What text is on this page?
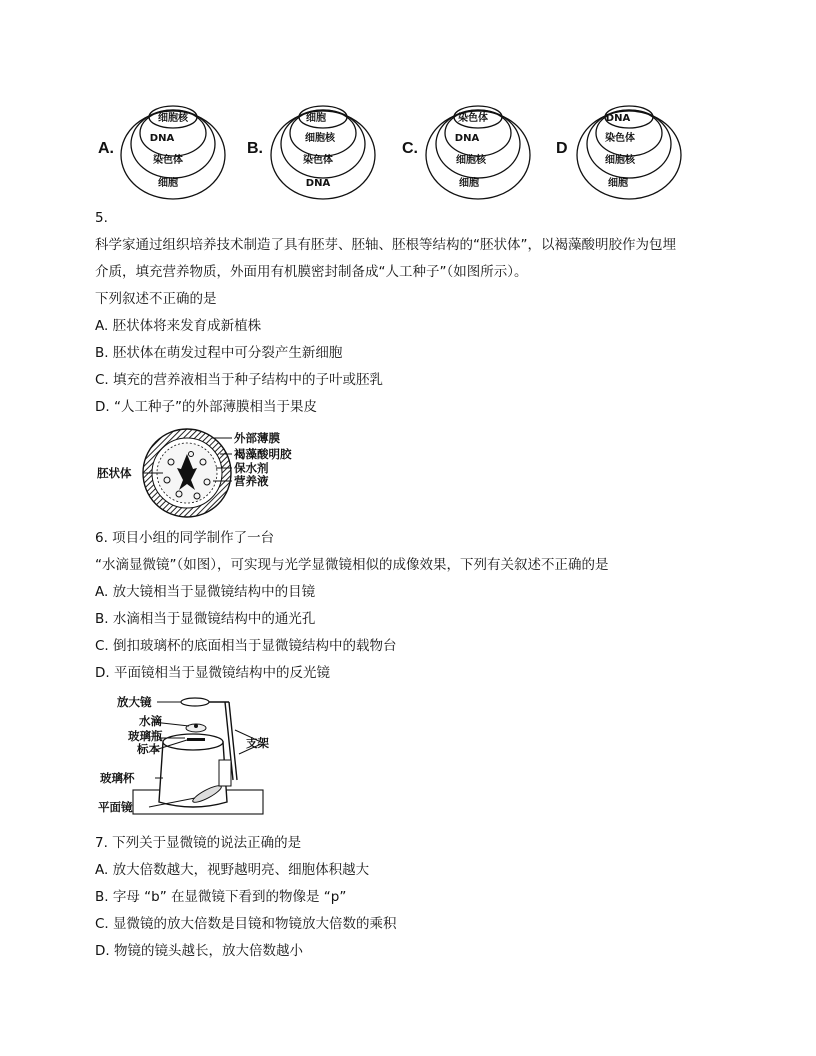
A.
细胞核
DNA
染色体
细胞
B.
细胞
细胞核
染色体
DNA
C.
染色体
DNA
细胞核
细胞
D
DNA
染色体
细胞核
细胞
5.
科学家通过组织培养技术制造了具有胚芽、胚轴、胚根等结构的“胚状体”，以褐藻酸明胶作为包埋
介质，填充营养物质，外面用有机膜密封制备成“人工种子”（如图所示）。
下列叙述不正确的是
A. 胚状体将来发育成新植株
B. 胚状体在萌发过程中可分裂产生新细胞
C. 填充的营养液相当于种子结构中的子叶或胚乳
D. “人工种子”的外部薄膜相当于果皮
外部薄膜
褐藻酸明胶
保水剂
营养液
胚状体
6. 项目小组的同学制作了一台
“水滴显微镜”（如图），可实现与光学显微镜相似的成像效果，下列有关叙述不正确的是
A. 放大镜相当于显微镜结构中的目镜
B. 水滴相当于显微镜结构中的通光孔
C. 倒扣玻璃杯的底面相当于显微镜结构中的载物台
D. 平面镜相当于显微镜结构中的反光镜
放大镜
水滴
玻璃瓶
标本
玻璃杯
平面镜
支架
7. 下列关于显微镜的说法正确的是
A. 放大倍数越大，视野越明亮、细胞体积越大
B. 字母 “b” 在显微镜下看到的物像是 “p”
C. 显微镜的放大倍数是目镜和物镜放大倍数的乘积
D. 物镜的镜头越长，放大倍数越小
